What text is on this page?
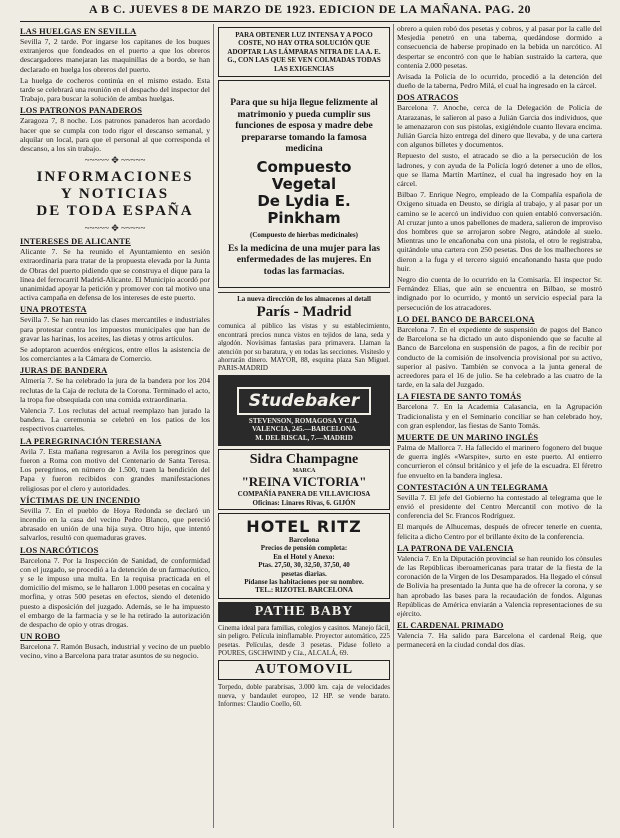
A B C. JUEVES 8 DE MARZO DE 1923. EDICION DE LA MAÑANA. PAG. 20
LAS HUELGAS EN SEVILLA

Sevilla 7, 2 tarde. Por ingarse los capitanes de los buques extranjeros que fondeados en el puerto a que los obreros descargadores manejaran las maquinillas de a bordo, se han declarado en huelga los obreros del puerto.

La huelga de cocheros continúa en el mismo estado. Esta tarde se celebrará una reunión en el despacho del inspector del Trabajo, para buscar la solución de ambas huelgas.

LOS PATRONOS PANADEROS

Zaragoza 7, 8 noche. Los patronos panaderos han acordado hacer que se cumpla con todo rigor el descanso semanal, y alquilar un local, para que el personal al que corresponda el descanso, a los sin trabajo.

~~~~~ ✥ ~~~~~
INFORMACIONES
Y NOTICIAS
DE TODA ESPAÑA
~~~~~ ✥ ~~~~~
INTERESES DE ALICANTE

Alicante 7. Se ha reunido el Ayuntamiento en sesión extraordinaria para tratar de la propuesta elevada por la Junta de Obras del puerto pidiendo que se construya el dique para la línea del ferrocarril Madrid-Alicante. El Municipio acordó por unanimidad apoyar la petición y promover con tal motivo una activa campaña en defensa de los intereses de este puerto.

UNA PROTESTA

Sevilla 7. Se han reunido las clases mercantiles e industriales para protestar contra los impuestos municipales que han de gravar las harinas, los aceites, las dietas y otros artículos.

Se adoptaron acuerdos enérgicos, entre ellos la asistencia de los comerciantes a la Cámara de Comercio.

JURAS DE BANDERA

Almería 7. Se ha celebrado la jura de la bandera por los 204 reclutas de la Caja de recluta de la Corona. Terminado el acto, la tropa fue obsequiada con una comida extraordinaria.

Valencia 7. Los reclutas del actual reemplazo han jurado la bandera. La ceremonia se celebró en los patios de los respectivos cuarteles.

LA PEREGRINACIÓN TERESIANA

Avila 7. Esta mañana regresaron a Avila los peregrinos que fueron a Roma con motivo del Centenario de Santa Teresa. Los peregrinos, en número de 1.500, traen la bendición del Papa y fueron recibidos con grandes manifestaciones religiosas por el clero y autoridades.

VÍCTIMAS DE UN INCENDIO

Sevilla 7. En el pueblo de Hoya Redonda se declaró un incendio en la casa del vecino Pedro Blanco, que pereció abrasado en unión de una hija suya. Otro hijo, que intentó salvarlos, resultó con quemaduras graves.

LOS NARCÓTICOS

Barcelona 7. Por la Inspección de Sanidad, de conformidad con el juzgado, se procedió a la detención de un farmacéutico, y se le impuso una multa. En la requisa practicada en el domicilio del mismo, se le hallaron 1.000 pesetas en cocaína y morfina, y otras 500 pesetas en efectos, siendo el detenido puesto a disposición del juzgado. Además, se le ha impuesto el embargo de la farmacia y se le ha retirado la autorización de despacho de opio y otras drogas.

UN ROBO

Barcelona 7. Ramón Busach, industrial y vecino de un pueblo vecino, vino a Barcelona para tratar asuntos de su negocio.

PARA OBTENER LUZ INTENSA Y A POCO COSTE, NO HAY OTRA SOLUCIÓN QUE ADOPTAR LAS LÁMPARAS NITRA DE LA A. E. G., CON LAS QUE SE VEN COLMADAS TODAS LAS EXIGENCIAS
Para que su hija llegue felizmente al matrimonio y pueda cumplir sus funciones de esposa y madre debe prepararse tomando la famosa medicina
Compuesto Vegetal
De Lydia E. Pinkham
(Compuesto de hierbas medicinales)
Es la medicina de una mujer para las enfermedades de las mujeres. En todas las farmacias.
La nueva dirección de los almacenes al detall
París - Madrid

comunica al público las vistas y su establecimiento, encontrará precios nunca vistos en tejidos de lana, seda y algodón. Novísimas fantasías para primavera. Llaman la atención por su baratura, y en todas las secciones. Visiteslo y ahorrarán dinero. MAYOR, 88, esquina plaza San Miguel. PARIS-MADRID

Studebaker
STEVENSON, ROMAGOSA Y CIA.
VALENCIA, 245.—BARCELONA
M. DEL RISCAL, 7.—MADRID
Sidra Champagne
MARCA
"REINA VICTORIA"
COMPAÑÍA PANERA DE VILLAVICIOSA
Oficinas: Linares Rivas, 6. GIJÓN
HOTEL RITZ
Barcelona
Precios de pensión completa:
En el Hotel y Anexo:
Ptas. 27,50, 30, 32,50, 37,50, 40
pesetas diarias.
Pídanse las habitaciones por su nombre.
TEL.: RIZOTEL BARCELONA
PATHE BABY

Cinema ideal para familias, colegios y casinos. Manejo fácil, sin peligro. Película ininflamable. Proyector automático, 225 pesetas. Películas, desde 3 pesetas. Pídase folleto a POURES, GSCHWIND y Cía., ALCALÁ, 69.

AUTOMOVIL

Torpedo, doble parabrisas, 3.000 km. caja de velocidades nueva, y bandaulet europeo, 12 HP. se vende barato. Informes: Claudio Coello, 60.

obrero a quien robó dos pesetas y cobros, y al pasar por la calle del Mesjedia penetró en una taberna, quedándose dormido a consecuencia de haberse propinado en la bebida un narcótico. Al despertar se encontró con que le habían sustraído la cartera, que contenía 2.000 pesetas.

Avisada la Policía de lo ocurrido, procedió a la detención del dueño de la taberna, Pedro Milá, el cual ha ingresado en la cárcel.

DOS ATRACOS

Barcelona 7. Anoche, cerca de la Delegación de Policía de Atarazanas, le salieron al paso a Julián Garcia dos individuos, que le amenazaron con sus pistolas, exigiéndole cuanto llevara encima. Julián García hizo entrega del dinero que llevaba, y de una cartera con algunos billetes y documentos.

Repuesto del susto, el atracado se dio a la persecución de los ladrones, y con ayuda de la Policía logró detener a uno de ellos, que se llama Martín Martínez, el cual ha ingresado hoy en la cárcel.

Bilbao 7. Enrique Negro, empleado de la Compañía española de Oxígeno situada en Deusto, se dirigía al trabajo, y al pasar por un camino se le acercó un individuo con quien entabló conversación. Al cruzar junto a unos pabellones de madera, salieron de improviso dos hombres que se arrojaron sobre Negro, atándole al suelo. Mientras uno le encañonaba con una pistola, el otro le registraba, quitándole una cartera con 250 pesetas. Dos de los malhechores se dieron a la fuga y el tercero siguió encañonando hasta que pudo huir.

Negro dio cuenta de lo ocurrido en la Comisaría. El inspector Sr. Fernández Elias, que aún se encuentra en Bilbao, se mostró indignado por lo ocurrido, y montó un servicio especial para la persecución de los atracadores.

LO DEL BANCO DE BARCELONA

Barcelona 7. En el expediente de suspensión de pagos del Banco de Barcelona se ha dictado un auto disponiendo que se faculte al Banco de Barcelona en suspensión de pagos, a fin de recibir por conducto de la comisión de insolvencia provisional por su activo, superior al pasivo. También se convoca a la junta general de acreedores para el 16 de julio. Se ha celebrado a las cuatro de la tarde, en la sala del Juzgado.

LA FIESTA DE SANTO TOMÁS

Barcelona 7. En la Academia Calasancia, en la Agrupación Tradicionalista y en el Seminario conciliar se han celebrado hoy, con gran esplendor, las fiestas de Santo Tomás.

MUERTE DE UN MARINO INGLÉS

Palma de Mallorca 7. Ha fallecido el marinero fogonero del buque de guerra inglés «Warspite», surto en este puerto. Al entierro concurrieron el cónsul británico y el jefe de la escuadra. El féretro fue envuelto en la bandera inglesa.

CONTESTACIÓN A UN TELEGRAMA

Sevilla 7. El jefe del Gobierno ha contestado al telegrama que le envió el presidente del Centro Mercantil con motivo de la conferencia del Sr. Francos Rodríguez.

El marqués de Alhucemas, después de ofrecer tenerle en cuenta, felicita a dicho Centro por el brillante éxito de la conferencia.

LA PATRONA DE VALENCIA

Valencia 7. En la Diputación provincial se han reunido los cónsules de las Repúblicas iberoamericanas para tratar de la fiesta de la coronación de la Virgen de los Desamparados. Ha llegado el cónsul de Bolivia ha presentado la Junta que ha de ofrecer la corona, y se han aprobado las bases para la recaudación de fondos. Algunas Repúblicas de América enviarán a Valencia representaciones de su ejército.

EL CARDENAL PRIMADO

Valencia 7. Ha salido para Barcelona el cardenal Reig, que permanecerá en la ciudad condal dos días.
